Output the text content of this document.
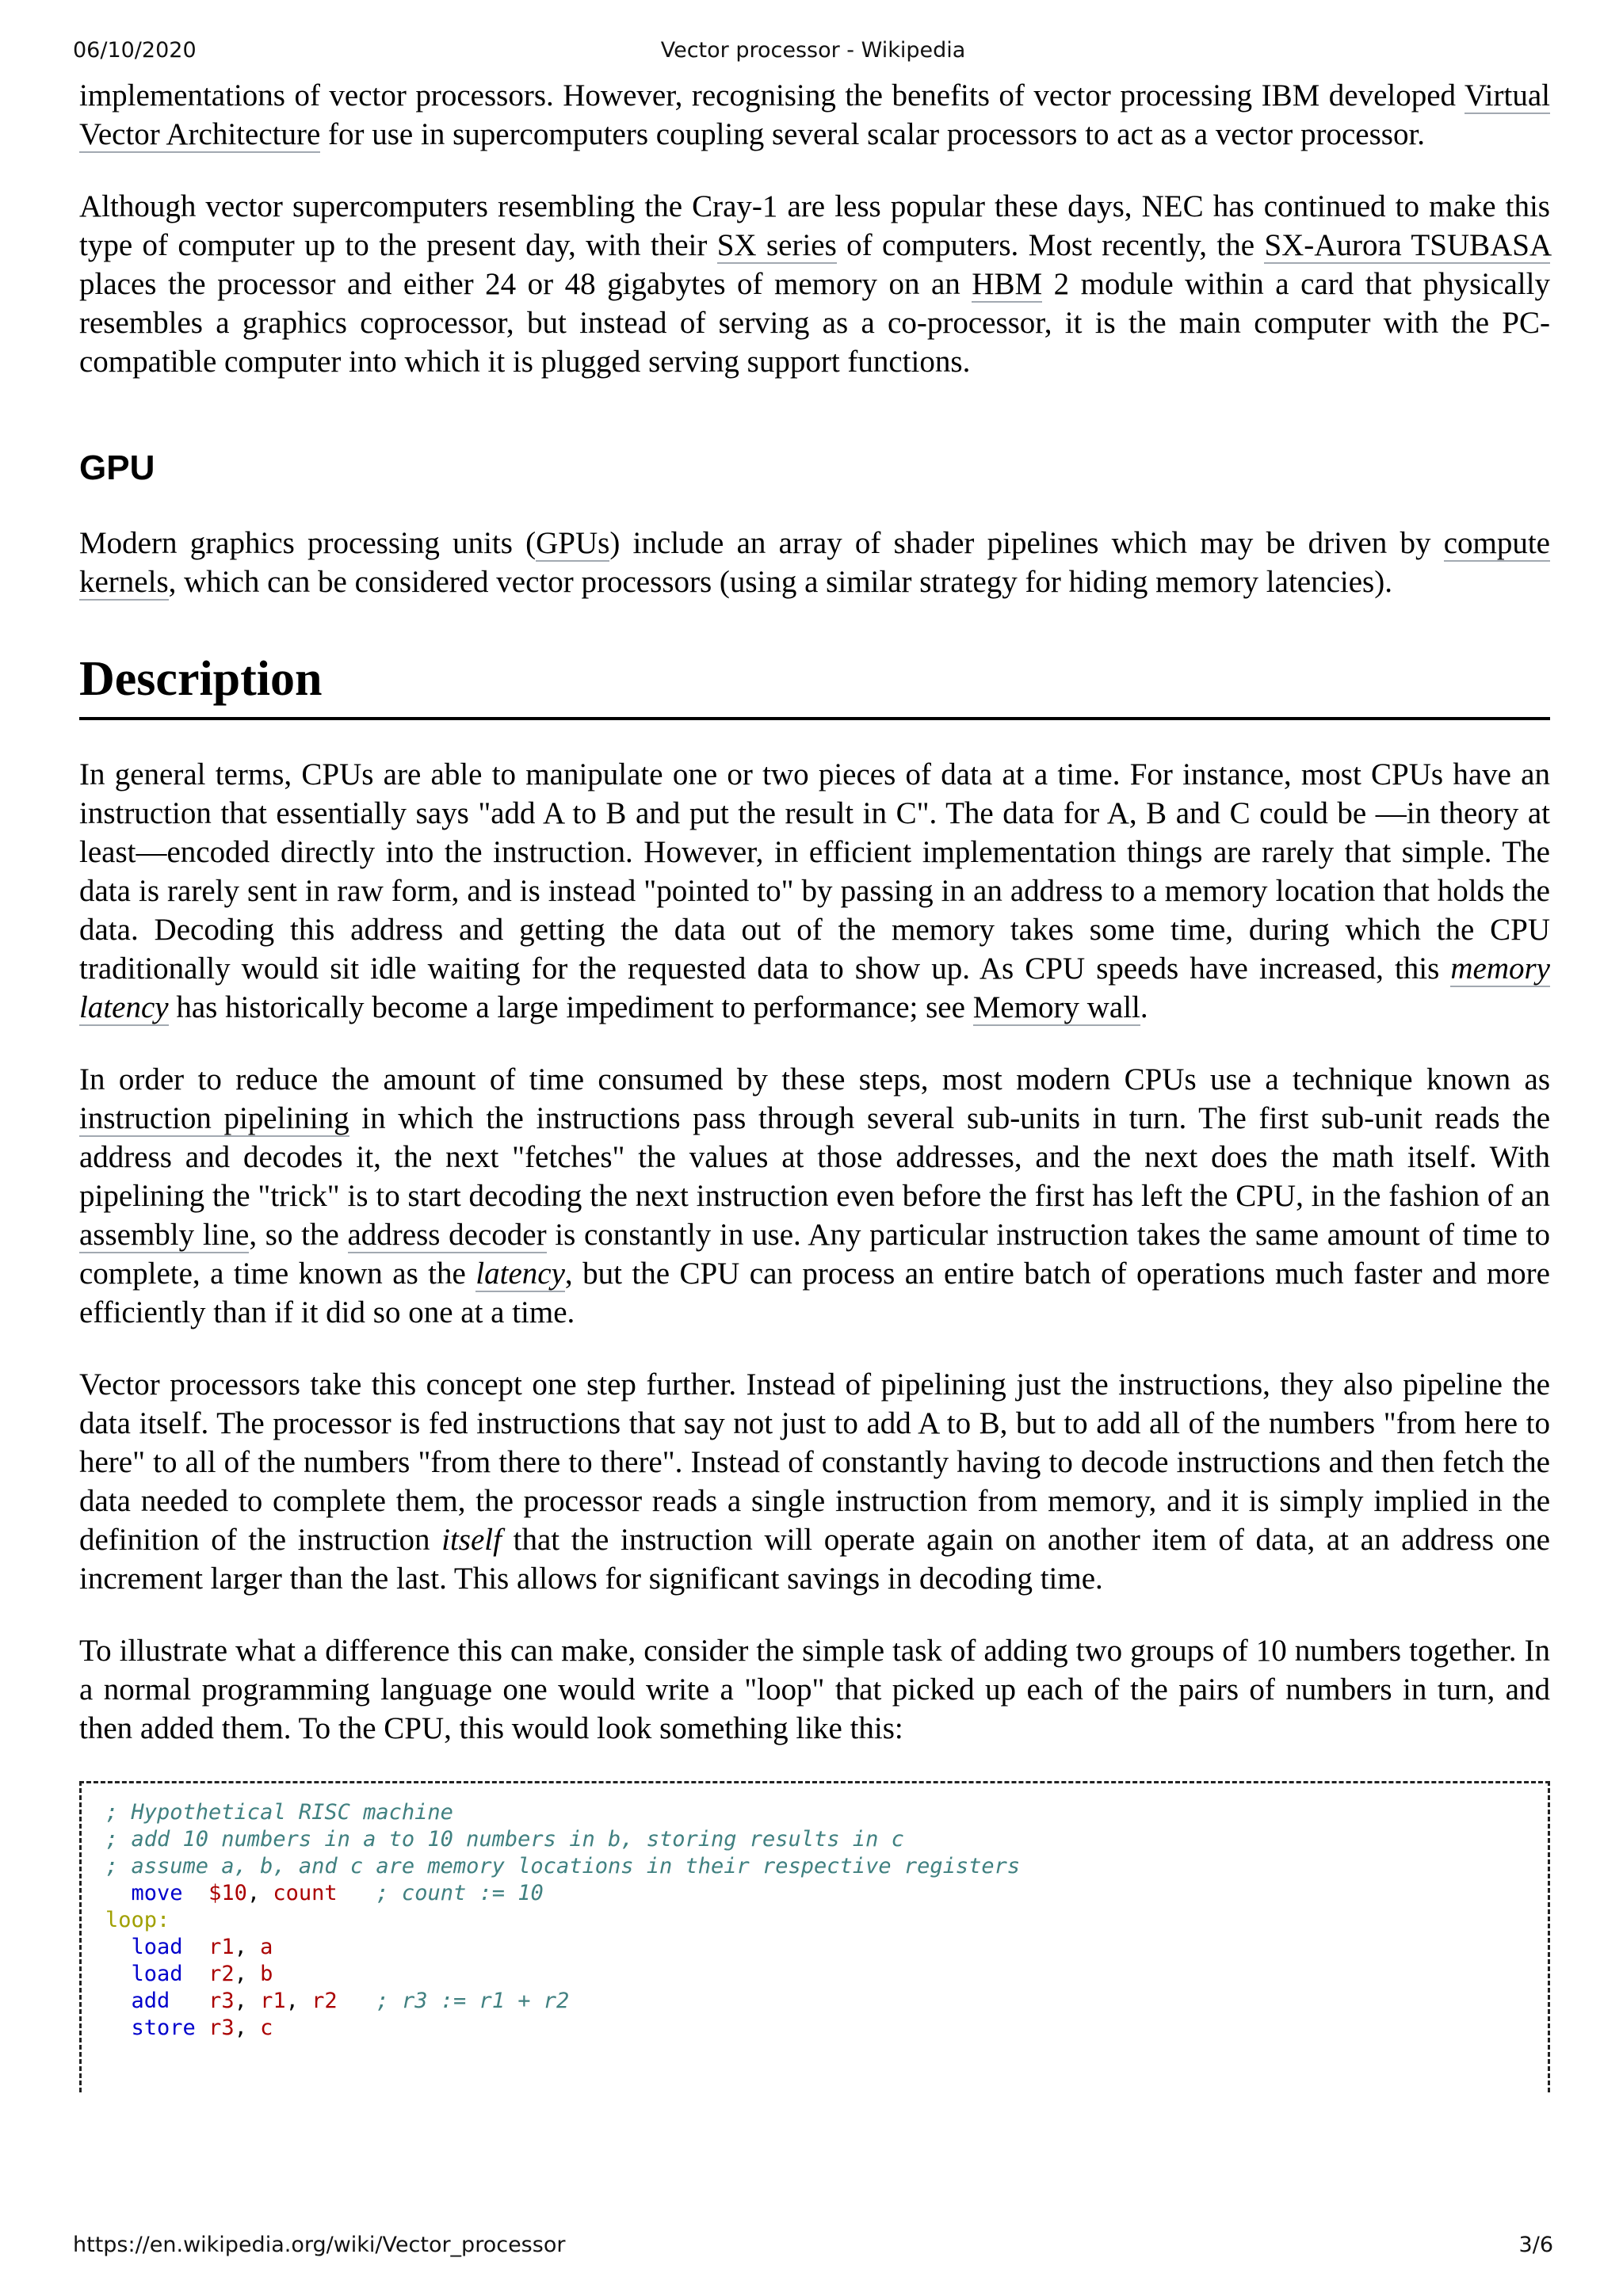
06/10/2020	Vector processor - Wikipedia

implementations of vector processors. However, recognising the benefits of vector processing IBM developed Virtual Vector Architecture for use in supercomputers coupling several scalar processors to act as a vector processor.

Although vector supercomputers resembling the Cray-1 are less popular these days, NEC has continued to make this type of computer up to the present day, with their SX series of computers. Most recently, the SX-Aurora TSUBASA places the processor and either 24 or 48 gigabytes of memory on an HBM 2 module within a card that physically resembles a graphics coprocessor, but instead of serving as a co-processor, it is the main computer with the PC-compatible computer into which it is plugged serving support functions.

GPU

Modern graphics processing units (GPUs) include an array of shader pipelines which may be driven by compute kernels, which can be considered vector processors (using a similar strategy for hiding memory latencies).

Description

In general terms, CPUs are able to manipulate one or two pieces of data at a time. For instance, most CPUs have an instruction that essentially says "add A to B and put the result in C". The data for A, B and C could be —in theory at least—encoded directly into the instruction. However, in efficient implementation things are rarely that simple. The data is rarely sent in raw form, and is instead "pointed to" by passing in an address to a memory location that holds the data. Decoding this address and getting the data out of the memory takes some time, during which the CPU traditionally would sit idle waiting for the requested data to show up. As CPU speeds have increased, this memory latency has historically become a large impediment to performance; see Memory wall.

In order to reduce the amount of time consumed by these steps, most modern CPUs use a technique known as instruction pipelining in which the instructions pass through several sub-units in turn. The first sub-unit reads the address and decodes it, the next "fetches" the values at those addresses, and the next does the math itself. With pipelining the "trick" is to start decoding the next instruction even before the first has left the CPU, in the fashion of an assembly line, so the address decoder is constantly in use. Any particular instruction takes the same amount of time to complete, a time known as the latency, but the CPU can process an entire batch of operations much faster and more efficiently than if it did so one at a time.

Vector processors take this concept one step further. Instead of pipelining just the instructions, they also pipeline the data itself. The processor is fed instructions that say not just to add A to B, but to add all of the numbers "from here to here" to all of the numbers "from there to there". Instead of constantly having to decode instructions and then fetch the data needed to complete them, the processor reads a single instruction from memory, and it is simply implied in the definition of the instruction itself that the instruction will operate again on another item of data, at an address one increment larger than the last. This allows for significant savings in decoding time.

To illustrate what a difference this can make, consider the simple task of adding two groups of 10 numbers together. In a normal programming language one would write a "loop" that picked up each of the pairs of numbers in turn, and then added them. To the CPU, this would look something like this:

; Hypothetical RISC machine
; add 10 numbers in a to 10 numbers in b, storing results in c
; assume a, b, and c are memory locations in their respective registers
move $10, count ; count := 10
loop:
load r1, a
load r2, b
add r3, r1, r2 ; r3 := r1 + r2
store r3, c
https://en.wikipedia.org/wiki/Vector_processor	3/6
